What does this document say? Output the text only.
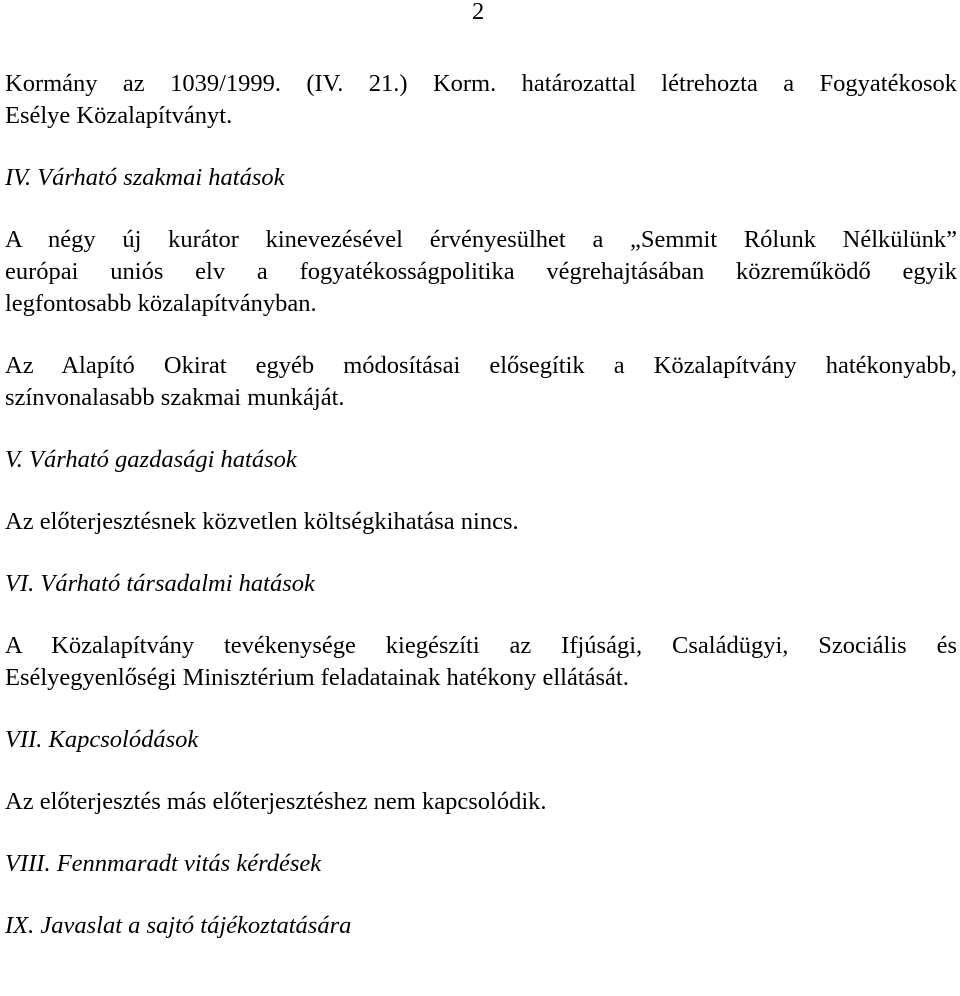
2

Kormány az 1039/1999. (IV. 21.) Korm. határozattal létrehozta a Fogyatékosok

Esélye Közalapítványt.

IV. Várható szakmai hatások

A négy új kurátor kinevezésével érvényesülhet a „Semmit Rólunk Nélkülünk”

európai uniós elv a fogyatékosságpolitika végrehajtásában közreműködő egyik

legfontosabb közalapítványban.

Az Alapító Okirat egyéb módosításai elősegítik a Közalapítvány hatékonyabb,

színvonalasabb szakmai munkáját.

V. Várható gazdasági hatások

Az előterjesztésnek közvetlen költségkihatása nincs.

VI. Várható társadalmi hatások

A Közalapítvány tevékenysége kiegészíti az Ifjúsági, Családügyi, Szociális és

Esélyegyenlőségi Minisztérium feladatainak hatékony ellátását.

VII. Kapcsolódások

Az előterjesztés más előterjesztéshez nem kapcsolódik.

VIII. Fennmaradt vitás kérdések
IX. Javaslat a sajtó tájékoztatására
